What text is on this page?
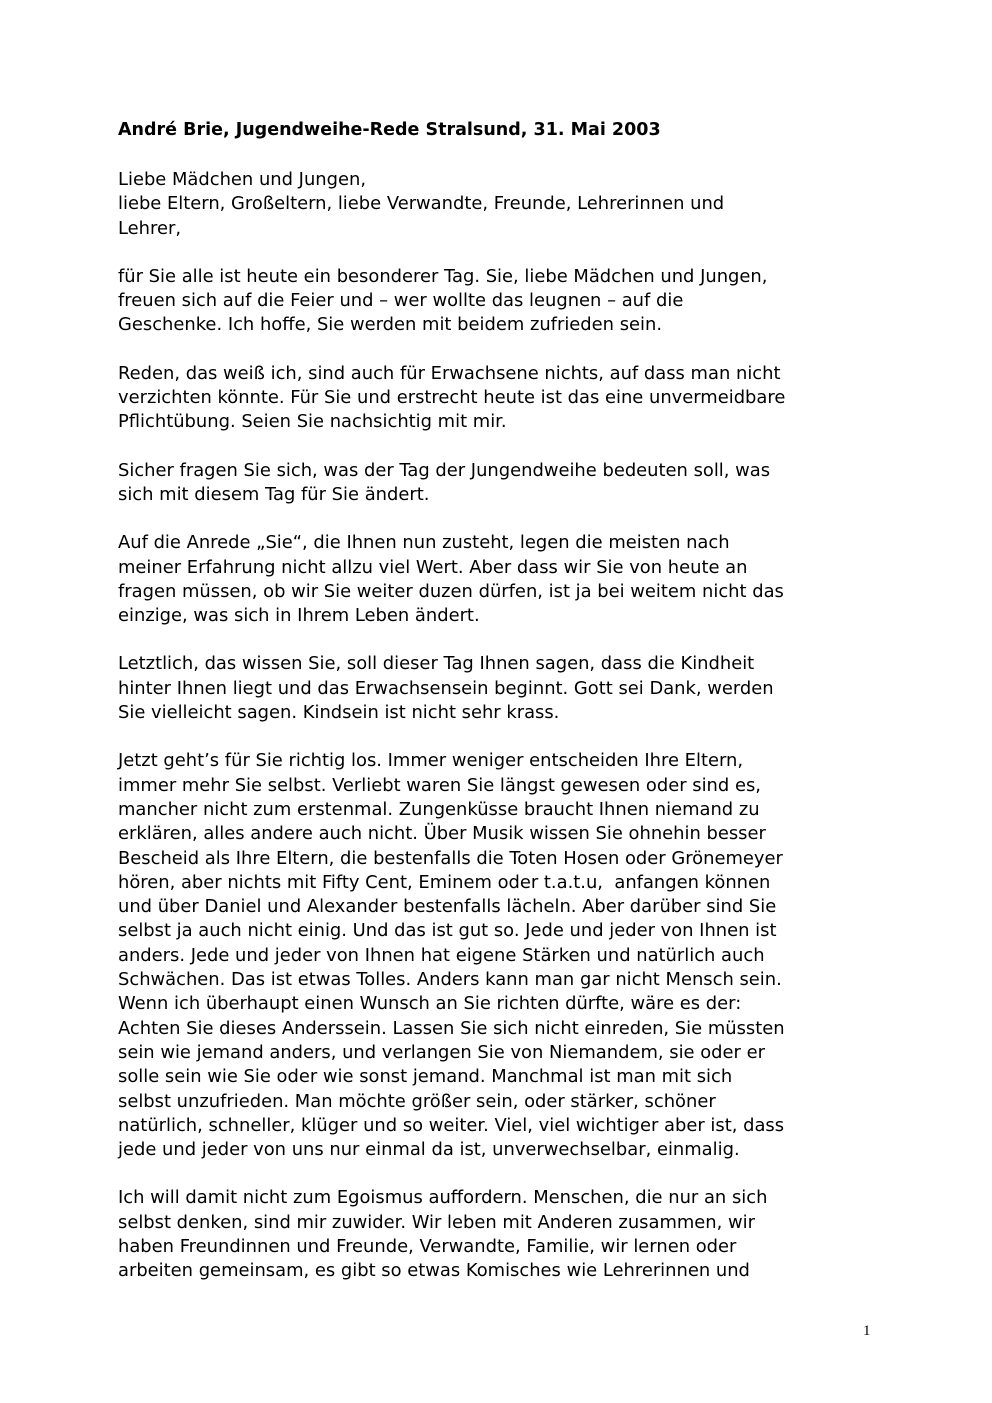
André Brie, Jugendweihe-Rede Stralsund, 31. Mai 2003

Liebe Mädchen und Jungen,
liebe Eltern, Großeltern, liebe Verwandte, Freunde, Lehrerinnen und
Lehrer,

für Sie alle ist heute ein besonderer Tag. Sie, liebe Mädchen und Jungen,
freuen sich auf die Feier und – wer wollte das leugnen – auf die
Geschenke. Ich hoffe, Sie werden mit beidem zufrieden sein.

Reden, das weiß ich, sind auch für Erwachsene nichts, auf dass man nicht
verzichten könnte. Für Sie und erstrecht heute ist das eine unvermeidbare
Pflichtübung. Seien Sie nachsichtig mit mir.

Sicher fragen Sie sich, was der Tag der Jungendweihe bedeuten soll, was
sich mit diesem Tag für Sie ändert.

Auf die Anrede „Sie“, die Ihnen nun zusteht, legen die meisten nach
meiner Erfahrung nicht allzu viel Wert. Aber dass wir Sie von heute an
fragen müssen, ob wir Sie weiter duzen dürfen, ist ja bei weitem nicht das
einzige, was sich in Ihrem Leben ändert.

Letztlich, das wissen Sie, soll dieser Tag Ihnen sagen, dass die Kindheit
hinter Ihnen liegt und das Erwachsensein beginnt. Gott sei Dank, werden
Sie vielleicht sagen. Kindsein ist nicht sehr krass.

Jetzt geht’s für Sie richtig los. Immer weniger entscheiden Ihre Eltern,
immer mehr Sie selbst. Verliebt waren Sie längst gewesen oder sind es,
mancher nicht zum erstenmal. Zungenküsse braucht Ihnen niemand zu
erklären, alles andere auch nicht. Über Musik wissen Sie ohnehin besser
Bescheid als Ihre Eltern, die bestenfalls die Toten Hosen oder Grönemeyer
hören, aber nichts mit Fifty Cent, Eminem oder t.a.t.u,  anfangen können
und über Daniel und Alexander bestenfalls lächeln. Aber darüber sind Sie
selbst ja auch nicht einig. Und das ist gut so. Jede und jeder von Ihnen ist
anders. Jede und jeder von Ihnen hat eigene Stärken und natürlich auch
Schwächen. Das ist etwas Tolles. Anders kann man gar nicht Mensch sein.
Wenn ich überhaupt einen Wunsch an Sie richten dürfte, wäre es der:
Achten Sie dieses Anderssein. Lassen Sie sich nicht einreden, Sie müssten
sein wie jemand anders, und verlangen Sie von Niemandem, sie oder er
solle sein wie Sie oder wie sonst jemand. Manchmal ist man mit sich
selbst unzufrieden. Man möchte größer sein, oder stärker, schöner
natürlich, schneller, klüger und so weiter. Viel, viel wichtiger aber ist, dass
jede und jeder von uns nur einmal da ist, unverwechselbar, einmalig.

Ich will damit nicht zum Egoismus auffordern. Menschen, die nur an sich
selbst denken, sind mir zuwider. Wir leben mit Anderen zusammen, wir
haben Freundinnen und Freunde, Verwandte, Familie, wir lernen oder
arbeiten gemeinsam, es gibt so etwas Komisches wie Lehrerinnen und

1
